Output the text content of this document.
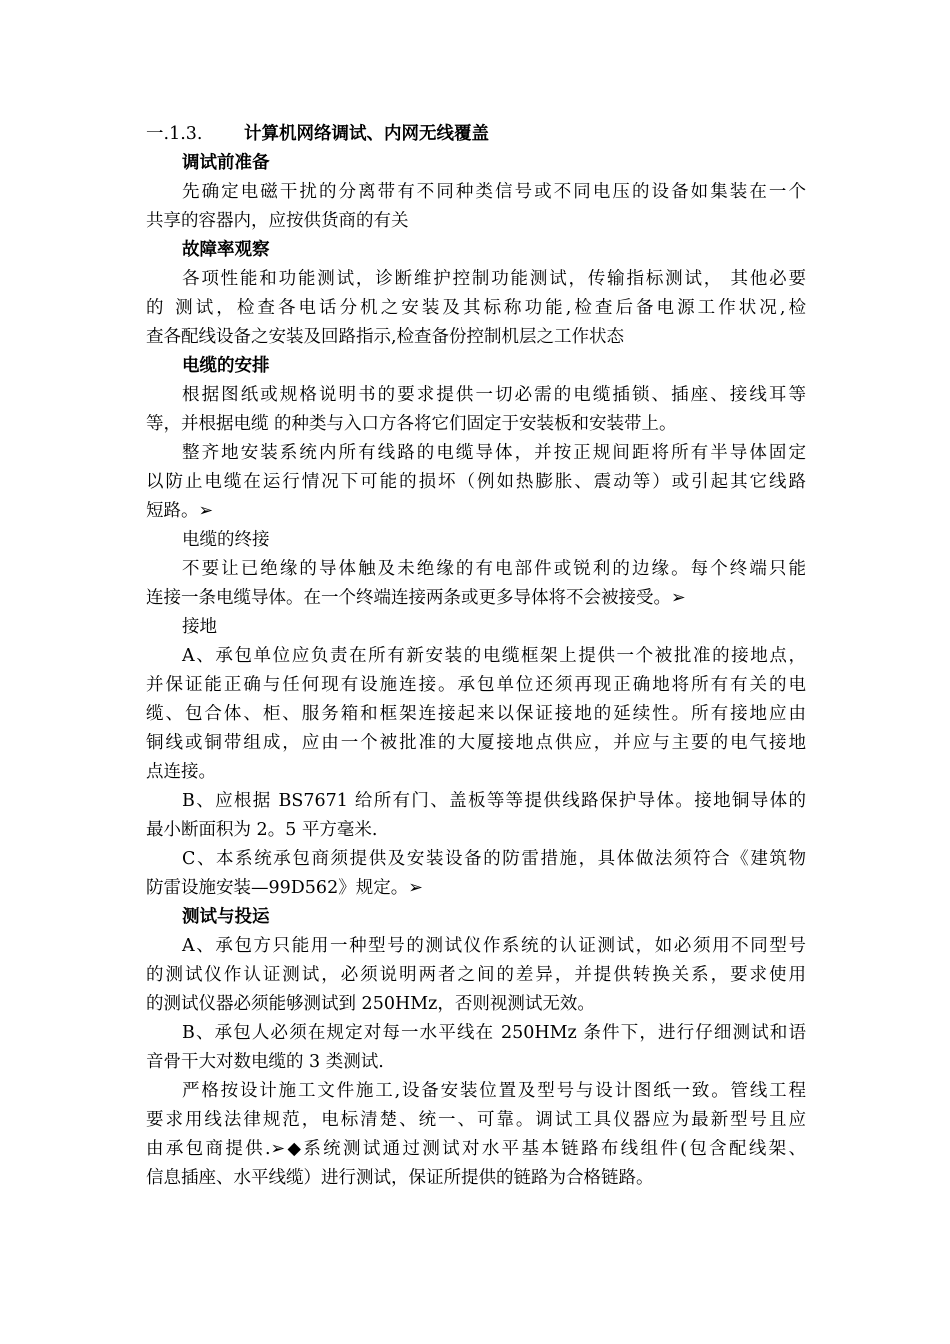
一.1.3. 计算机网络调试、内网无线覆盖
调试前准备
先确定电磁干扰的分离带有不同种类信号或不同电压的设备如集装在一个
共享的容器内，应按供货商的有关
故障率观察
各项性能和功能测试，诊断维护控制功能测试，传输指标测试， 其他必要
的 测试，检查各电话分机之安装及其标称功能,检查后备电源工作状况,检
查各配线设备之安装及回路指示,检查备份控制机层之工作状态
电缆的安排
根据图纸或规格说明书的要求提供一切必需的电缆插锁、插座、接线耳等
等，并根据电缆 的种类与入口方各将它们固定于安装板和安装带上。
整齐地安装系统内所有线路的电缆导体，并按正规间距将所有半导体固定
以防止电缆在运行情况下可能的损坏（例如热膨胀、震动等）或引起其它线路
短路。➢
电缆的终接
不要让已绝缘的导体触及未绝缘的有电部件或锐利的边缘。每个终端只能
连接一条电缆导体。在一个终端连接两条或更多导体将不会被接受。➢
接地
A、承包单位应负责在所有新安装的电缆框架上提供一个被批准的接地点，
并保证能正确与任何现有设施连接。承包单位还须再现正确地将所有有关的电
缆、包合体、柜、服务箱和框架连接起来以保证接地的延续性。所有接地应由
铜线或铜带组成，应由一个被批准的大厦接地点供应，并应与主要的电气接地
点连接。
B、应根据 BS7671 给所有门、盖板等等提供线路保护导体。接地铜导体的
最小断面积为 2。5 平方毫米.
C、本系统承包商须提供及安装设备的防雷措施，具体做法须符合《建筑物
防雷设施安装—99D562》规定。➢
测试与投运
A、承包方只能用一种型号的测试仪作系统的认证测试，如必须用不同型号
的测试仪作认证测试，必须说明两者之间的差异，并提供转换关系，要求使用
的测试仪器必须能够测试到 250HMz，否则视测试无效。
B、承包人必须在规定对每一水平线在 250HMz 条件下，进行仔细测试和语
音骨干大对数电缆的 3 类测试.
严格按设计施工文件施工,设备安装位置及型号与设计图纸一致。管线工程
要求用线法律规范，电标清楚、统一、可靠。调试工具仪器应为最新型号且应
由承包商提供.➢◆系统测试通过测试对水平基本链路布线组件(包含配线架、
信息插座、水平线缆）进行测试，保证所提供的链路为合格链路。
